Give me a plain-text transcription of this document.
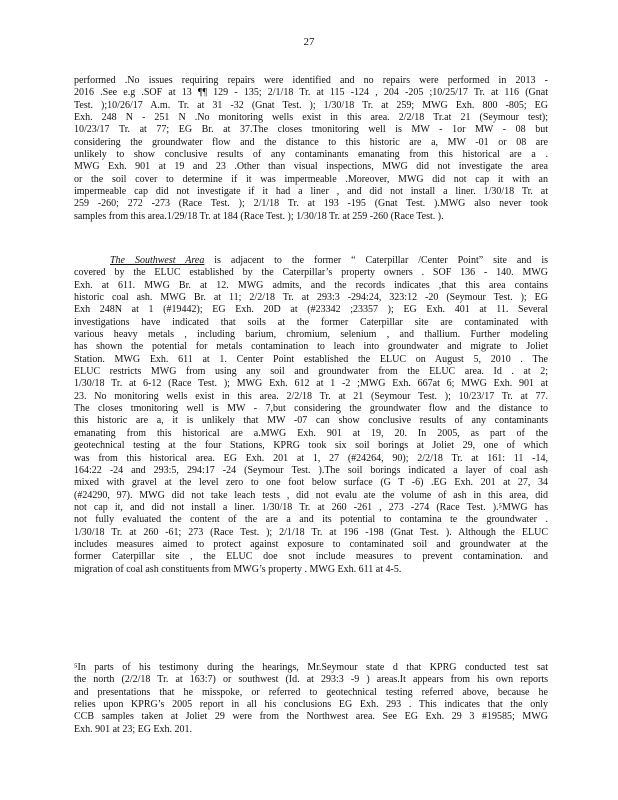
27
performed .No issues requiring repairs were identified and no repairs were performed in 2013 -
2016 .See e.g .SOF at 13 ¶¶ 129 - 135; 2/1/18 Tr. at 115 -124 , 204 -205 ;10/25/17 Tr. at 116 (Gnat
Test. );10/26/17 A.m. Tr. at 31 -32 (Gnat Test. ); 1/30/18 Tr. at 259; MWG Exh. 800 -805; EG
Exh. 248 N - 251 N .No monitoring wells exist in this area. 2/2/18 Tr.at 21 (Seymour test);
10/23/17 Tr. at 77; EG Br. at 37.The closes tmonitoring well is MW - 1or MW - 08 but
considering the groundwater flow and the distance to this historic are a, MW -01 or 08 are
unlikely to show conclusive results of any contaminants emanating from this historical are a .
MWG Exh. 901 at 19 and 23 .Other than visual inspections, MWG did not investigate the area
or the soil cover to determine if it was impermeable .Moreover, MWG did not cap it with an
impermeable cap did not investigate if it had a liner , and did not install a liner. 1/30/18 Tr. at
259 -260; 272 -273 (Race Test. ); 2/1/18 Tr. at 193 -195 (Gnat Test. ).MWG also never took
samples from this area.1/29/18 Tr. at 184 (Race Test. ); 1/30/18 Tr. at 259 -260 (Race Test. ).
The Southwest Area is adjacent to the former “ Caterpillar /Center Point” site and is
covered by the ELUC established by the Caterpillar’s property owners . SOF 136 - 140. MWG
Exh. at 611. MWG Br. at 12. MWG admits, and the records indicates ,that this area contains
historic coal ash. MWG Br. at 11; 2/2/18 Tr. at 293:3 -294:24, 323:12 -20 (Seymour Test. ); EG
Exh 248N at 1 (#19442); EG Exh. 20D at (#23342 ;23357 ); EG Exh. 401 at 11. Several
investigations have indicated that soils at the former Caterpillar site are contaminated with
various heavy metals , including barium, chromium, selenium , and thallium. Further modeling
has shown the potential for metals contamination to leach into groundwater and migrate to Joliet
Station. MWG Exh. 611 at 1. Center Point established the ELUC on August 5, 2010 . The
ELUC restricts MWG from using any soil and groundwater from the ELUC area. Id . at 2;
1/30/18 Tr. at 6-12 (Race Test. ); MWG Exh. 612 at 1 -2 ;MWG Exh. 667at 6; MWG Exh. 901 at
23. No monitoring wells exist in this area. 2/2/18 Tr. at 21 (Seymour Test. ); 10/23/17 Tr. at 77.
The closes tmonitoring well is MW - 7,but considering the groundwater flow and the distance to
this historic are a, it is unlikely that MW -07 can show conclusive results of any contaminants
emanating from this historical are a.MWG Exh. 901 at 19, 20. In 2005, as part of the
geotechnical testing at the four Stations, KPRG took six soil borings at Joliet 29, one of which
was from this historical area. EG Exh. 201 at 1, 27 (#24264, 90); 2/2/18 Tr. at 161: 11 -14,
164:22 -24 and 293:5, 294:17 -24 (Seymour Test. ).The soil borings indicated a layer of coal ash
mixed with gravel at the level zero to one foot below surface (G T -6) .EG Exh. 201 at 27, 34
(#24290, 97). MWG did not take leach tests , did not evalu ate the volume of ash in this area, did
not cap it, and did not install a liner. 1/30/18 Tr. at 260 -261 , 273 -274 (Race Test. ).⁵MWG has
not fully evaluated the content of the are a and its potential to contamina te the groundwater .
1/30/18 Tr. at 260 -61; 273 (Race Test. ); 2/1/18 Tr. at 196 -198 (Gnat Test. ). Although the ELUC
includes measures aimed to protect against exposure to contaminated soil and groundwater at the
former Caterpillar site , the ELUC doe snot include measures to prevent contamination. and
migration of coal ash constituents from MWG’s property . MWG Exh. 611 at 4-5.
⁵In parts of his testimony during the hearings, Mr.Seymour state d that KPRG conducted test sat
the north (2/2/18 Tr. at 163:7) or southwest (Id. at 293:3 -9 ) areas.It appears from his own reports
and presentations that he misspoke, or referred to geotechnical testing referred above, because he
relies upon KPRG’s 2005 report in all his conclusions EG Exh. 293 . This indicates that the only
CCB samples taken at Joliet 29 were from the Northwest area. See EG Exh. 29 3 #19585; MWG
Exh. 901 at 23; EG Exh. 201.
